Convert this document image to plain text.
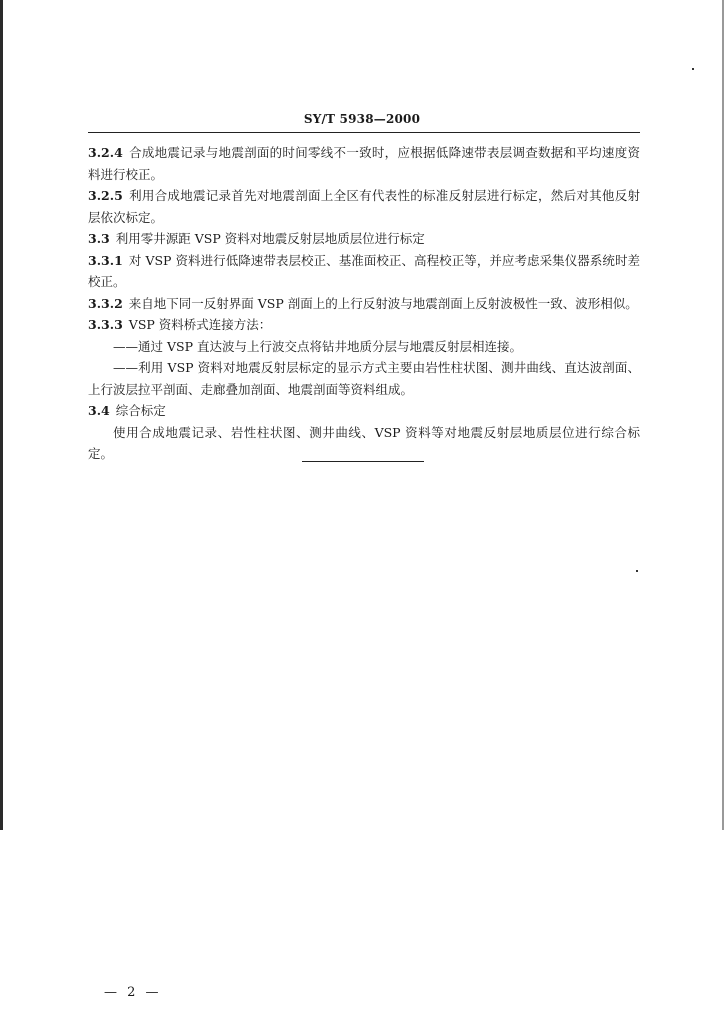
SY/T 5938—2000

3.2.4 合成地震记录与地震剖面的时间零线不一致时，应根据低降速带表层调查数据和平均速度资料进行校正。

3.2.5 利用合成地震记录首先对地震剖面上全区有代表性的标准反射层进行标定，然后对其他反射层依次标定。

3.3 利用零井源距 VSP 资料对地震反射层地质层位进行标定

3.3.1 对 VSP 资料进行低降速带表层校正、基准面校正、高程校正等，并应考虑采集仪器系统时差校正。

3.3.2 来自地下同一反射界面 VSP 剖面上的上行反射波与地震剖面上反射波极性一致、波形相似。

3.3.3 VSP 资料桥式连接方法：

——通过 VSP 直达波与上行波交点将钻井地质分层与地震反射层相连接。

——利用 VSP 资料对地震反射层标定的显示方式主要由岩性柱状图、测井曲线、直达波剖面、上行波层拉平剖面、走廊叠加剖面、地震剖面等资料组成。

3.4 综合标定

使用合成地震记录、岩性柱状图、测井曲线、VSP 资料等对地震反射层地质层位进行综合标定。

— 2 —
